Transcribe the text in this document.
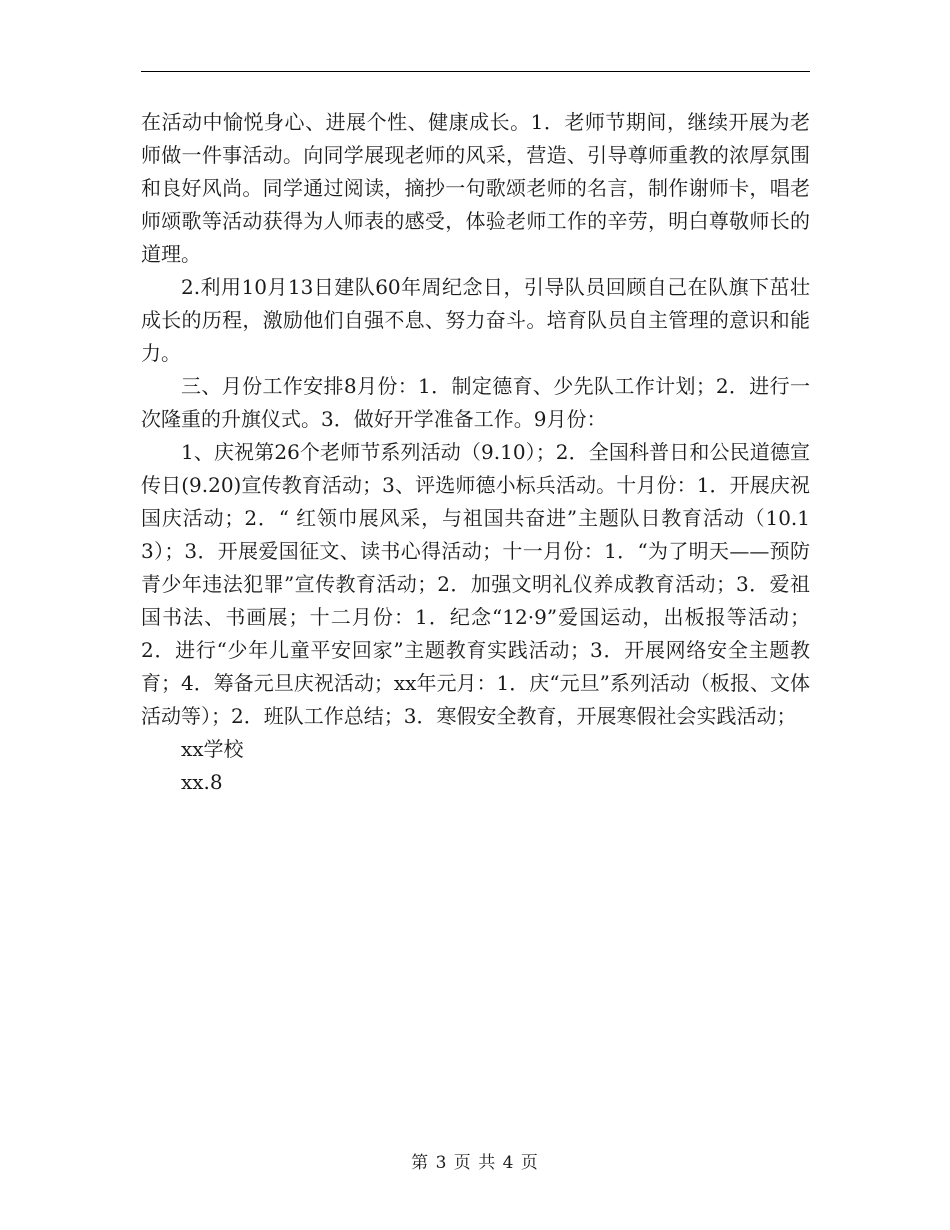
在活动中愉悦身心、进展个性、健康成长。1．老师节期间，继续开展为老师做一件事活动。向同学展现老师的风采，营造、引导尊师重教的浓厚氛围和良好风尚。同学通过阅读，摘抄一句歌颂老师的名言，制作谢师卡，唱老师颂歌等活动获得为人师表的感受，体验老师工作的辛劳，明白尊敬师长的道理。

2.利用10月13日建队60年周纪念日，引导队员回顾自己在队旗下茁壮成长的历程，激励他们自强不息、努力奋斗。培育队员自主管理的意识和能力。

三、月份工作安排8月份：1．制定德育、少先队工作计划；2．进行一次隆重的升旗仪式。3．做好开学准备工作。9月份：

1、庆祝第26个老师节系列活动（9.10）；2．全国科普日和公民道德宣传日(9.20)宣传教育活动；3、评选师德小标兵活动。十月份：1．开展庆祝国庆活动；2．“ 红领巾展风采，与祖国共奋进”主题队日教育活动（10.13）；3．开展爱国征文、读书心得活动；十一月份：1．“为了明天——预防青少年违法犯罪”宣传教育活动；2．加强文明礼仪养成教育活动；3．爱祖国书法、书画展；十二月份：1．纪念“12·9”爱国运动，出板报等活动；2．进行“少年儿童平安回家”主题教育实践活动；3．开展网络安全主题教育；4．筹备元旦庆祝活动；xx年元月：1．庆“元旦”系列活动（板报、文体活动等）；2．班队工作总结；3．寒假安全教育，开展寒假社会实践活动；

xx学校

xx.8

第 3 页 共 4 页
